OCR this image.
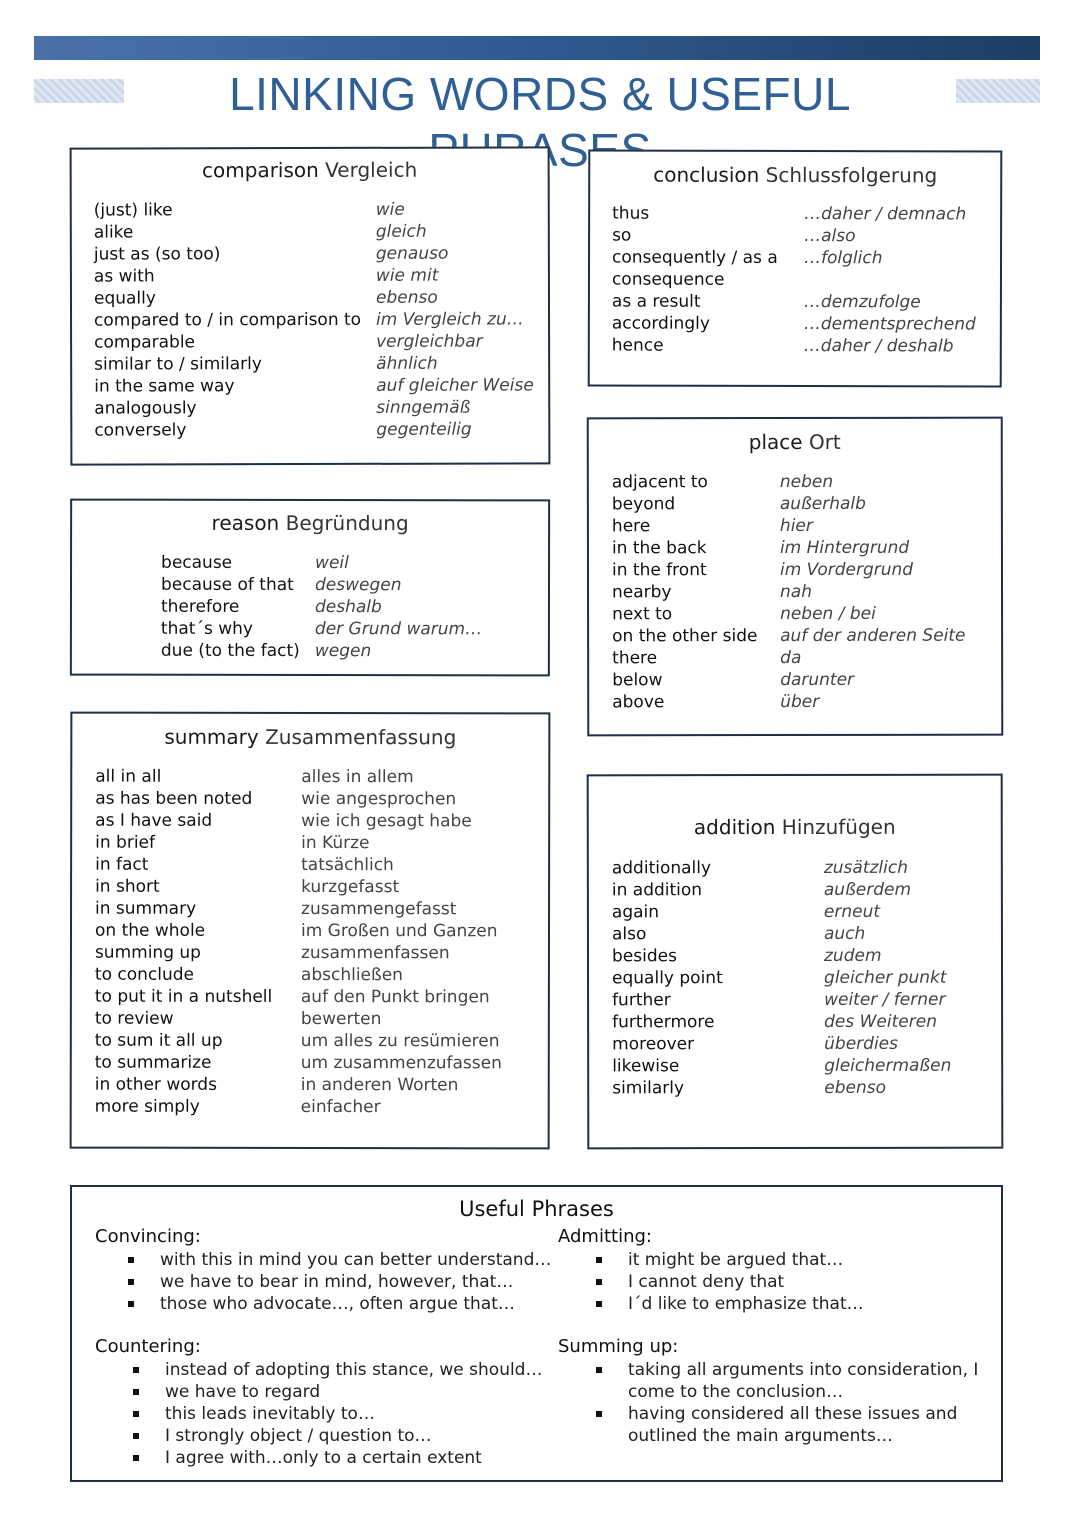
LINKING WORDS & USEFUL
comparison Vergleich
(just) like
alike
just as (so too)
as with
equally
compared to / in comparison to
comparable
similar to / similarly
in the same way
analogously
conversely
wie
gleich
genauso
wie mit
ebenso
im Vergleich zu…
vergleichbar
ähnlich
auf gleicher Weise
sinngemäß
gegenteilig
conclusion Schlussfolgerung
thus
so
consequently / as a
consequence
as a result
accordingly
hence
…daher / demnach
…also
…folglich

…demzufolge
…dementsprechend
…daher / deshalb
reason Begründung
because
because of that
therefore
that´s why
due (to the fact)
weil
deswegen
deshalb
der Grund warum…
wegen
place Ort
adjacent to
beyond
here
in the back
in the front
nearby
next to
on the other side
there
below
above
neben
außerhalb
hier
im Hintergrund
im Vordergrund
nah
neben / bei
auf der anderen Seite
da
darunter
über
summary Zusammenfassung
all in all
as has been noted
as I have said
in brief
in fact
in short
in summary
on the whole
summing up
to conclude
to put it in a nutshell
to review
to sum it all up
to summarize
in other words
more simply
alles in allem
wie angesprochen
wie ich gesagt habe
in Kürze
tatsächlich
kurzgefasst
zusammengefasst
im Großen und Ganzen
zusammenfassen
abschließen
auf den Punkt bringen
bewerten
um alles zu resümieren
um zusammenzufassen
in anderen Worten
einfacher
addition Hinzufügen
additionally
in addition
again
also
besides
equally point
further
furthermore
moreover
likewise
similarly
zusätzlich
außerdem
erneut
auch
zudem
gleicher punkt
weiter / ferner
des Weiteren
überdies
gleichermaßen
ebenso
Useful Phrases
Convincing:
with this in mind you can better understand…
we have to bear in mind, however, that…
those who advocate…, often argue that…
Admitting:
it might be argued that…
I cannot deny that
I´d like to emphasize that…
Countering:
instead of adopting this stance, we should…
we have to regard
this leads inevitably to…
I strongly object / question to…
I agree with…only to a certain extent
Summing up:
taking all arguments into consideration, I
come to the conclusion…
having considered all these issues and
outlined the main arguments…
